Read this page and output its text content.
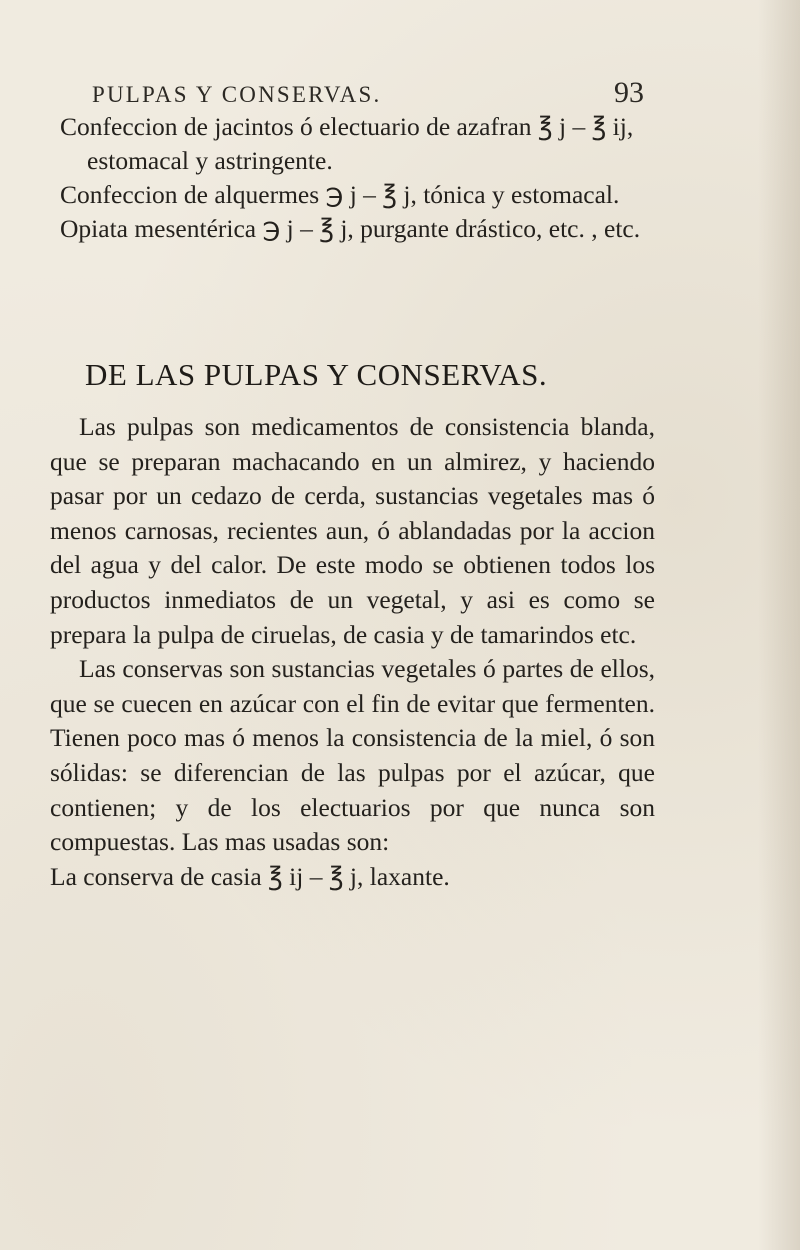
PULPAS Y CONSERVAS.	93

Confeccion de jacintos ó electuario de azafran ℥ j – ℥ ij, estomacal y astringente.

Confeccion de alquermes ℈ j – ℥ j, tónica y estomacal.

Opiata mesentérica ℈ j – ℥ j, purgante drástico, etc. , etc.

DE LAS PULPAS Y CONSERVAS.

Las pulpas son medicamentos de consistencia blanda, que se preparan machacando en un almirez, y haciendo pasar por un cedazo de cerda, sustancias vegetales mas ó menos carnosas, recientes aun, ó ablandadas por la accion del agua y del calor. De este modo se obtienen todos los productos inmediatos de un vegetal, y asi es como se prepara la pulpa de ciruelas, de casia y de tamarindos etc.

Las conservas son sustancias vegetales ó partes de ellos, que se cuecen en azúcar con el fin de evitar que fermenten. Tienen poco mas ó menos la consistencia de la miel, ó son sólidas: se diferencian de las pulpas por el azúcar, que contienen; y de los electuarios por que nunca son compuestas. Las mas usadas son:

La conserva de casia ℥ ij – ℥ j, laxante.
